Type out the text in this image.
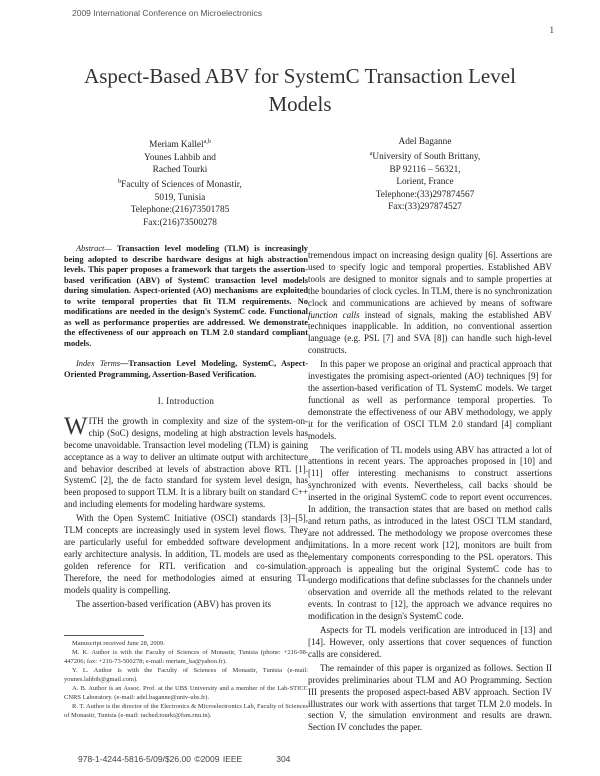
2009 International Conference on Microelectronics
1
Aspect-Based ABV for SystemC Transaction Level Models
Meriam Kallel$^{a,b}$
Younes Lahbib and
Rached Tourki
$^b$Faculty of Sciences of Monastir,
5019, Tunisia
Telephone:(216)73501785
Fax:(216)73500278
Adel Baganne
$^a$University of South Brittany,
BP 92116 – 56321,
Lorient, France
Telephone:(33)297874567
Fax:(33)297874527

Abstract— Transaction level modeling (TLM) is increasingly being adopted to describe hardware designs at high abstraction levels. This paper proposes a framework that targets the assertion-based verification (ABV) of SystemC transaction level models during simulation. Aspect-oriented (AO) mechanisms are exploited to write temporal properties that fit TLM requirements. No modifications are needed in the design's SystemC code. Functional as well as performance properties are addressed. We demonstrate the effectiveness of our approach on TLM 2.0 standard compliant models.

Index Terms—Transaction Level Modeling, SystemC, Aspect-Oriented Programming, Assertion-Based Verification.

I. Introduction

WITH the growth in complexity and size of the system-on-chip (SoC) designs, modeling at high abstraction levels has become unavoidable. Transaction level modeling (TLM) is gaining acceptance as a way to deliver an ultimate output with architecture and behavior described at levels of abstraction above RTL [1]. SystemC [2], the de facto standard for system level design, has been proposed to support TLM. It is a library built on standard C++ and including elements for modeling hardware systems.

With the Open SystemC Initiative (OSCI) standards [3]–[5], TLM concepts are increasingly used in system level flows. They are particularly useful for embedded software development and early architecture analysis. In addition, TL models are used as the golden reference for RTL verification and co-simulation. Therefore, the need for methodologies aimed at ensuring TL models quality is compelling.

The assertion-based verification (ABV) has proven its

Manuscript received June 28, 2009.

M. K. Author is with the Faculty of Sciences of Monastir, Tunisia (phone: +216-98-447206; fax: +216-73-500278; e-mail: meriam_ka@yahoo.fr).

Y. L. Author is with the Faculty of Sciences of Monastir, Tunisia (e-mail: younes.lahbib@gmail.com).

A. B. Author is an Assoc. Prof. at the UBS University and a member of the Lab-STICC CNRS Laboratory. (e-mail: adel.baganne@univ-ubs.fr).

R. T. Author is the director of the Electronics & Microelectronics Lab, Faculty of Sciences of Monastir, Tunisia (e-mail: rached.tourki@fsm.rnu.tn).

tremendous impact on increasing design quality [6]. Assertions are used to specify logic and temporal properties. Established ABV tools are designed to monitor signals and to sample properties at the boundaries of clock cycles. In TLM, there is no synchronization clock and communications are achieved by means of software function calls instead of signals, making the established ABV techniques inapplicable. In addition, no conventional assertion language (e.g. PSL [7] and SVA [8]) can handle such high-level constructs.

In this paper we propose an original and practical approach that investigates the promising aspect-oriented (AO) techniques [9] for the assertion-based verification of TL SystemC models. We target functional as well as performance temporal properties. To demonstrate the effectiveness of our ABV methodology, we apply it for the verification of OSCI TLM 2.0 standard [4] compliant models.

The verification of TL models using ABV has attracted a lot of attentions in recent years. The approaches proposed in [10] and [11] offer interesting mechanisms to construct assertions synchronized with events. Nevertheless, call backs should be inserted in the original SystemC code to report event occurrences. In addition, the transaction states that are based on method calls and return paths, as introduced in the latest OSCI TLM standard, are not addressed. The methodology we propose overcomes these limitations. In a more recent work [12], monitors are built from elementary components corresponding to the PSL operators. This approach is appealing but the original SystemC code has to undergo modifications that define subclasses for the channels under observation and override all the methods related to the relevant events. In contrast to [12], the approach we advance requires no modification in the design's SystemC code.

Aspects for TL models verification are introduced in [13] and [14]. However, only assertions that cover sequences of function calls are considered.

The remainder of this paper is organized as follows. Section II provides preliminaries about TLM and AO Programming. Section III presents the proposed aspect-based ABV approach. Section IV illustrates our work with assertions that target TLM 2.0 models. In section V, the simulation environment and results are drawn. Section IV concludes the paper.

978-1-4244-5816-5/09/$26.00 ©2009 IEEE	304
